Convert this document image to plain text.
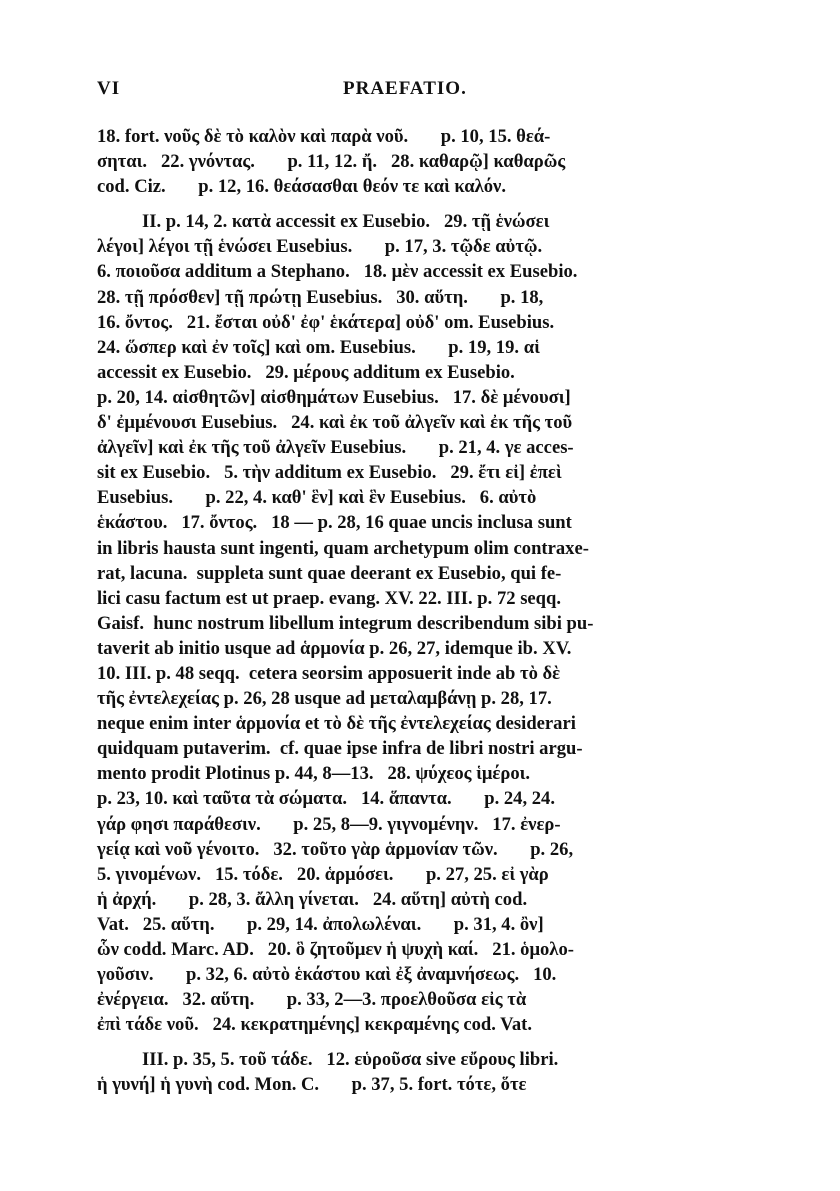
VI	PRAEFATIO.
18. fort. νοῦς δὲ τὸ καλὸν καὶ παρὰ νοῦ.       p. 10, 15. θεά-
σηται.   22. γνόντας.       p. 11, 12. ἤ.   28. καθαρῷ] καθαρῶς
cod. Ciz.       p. 12, 16. θεάσασθαι θεόν τε καὶ καλόν.
II. p. 14, 2. κατὰ accessit ex Eusebio.   29. τῇ ἑνώσει
λέγοι] λέγοι τῇ ἑνώσει Eusebius.       p. 17, 3. τῷδε αὐτῷ.
6. ποιοῦσα additum a Stephano.   18. μὲν accessit ex Eusebio.
28. τῇ πρόσθεν] τῇ πρώτῃ Eusebius.   30. αὕτη.       p. 18,
16. ὄντος.   21. ἔσται οὐδ' ἐφ' ἑκάτερα] οὐδ' om. Eusebius.
24. ὥσπερ καὶ ἐν τοῖς] καὶ om. Eusebius.       p. 19, 19. αἱ
accessit ex Eusebio.   29. μέρους additum ex Eusebio.
p. 20, 14. αἰσθητῶν] αἰσθημάτων Eusebius.   17. δὲ μένουσι]
δ' ἐμμένουσι Eusebius.   24. καὶ ἐκ τοῦ ἀλγεῖν καὶ ἐκ τῆς τοῦ
ἀλγεῖν] καὶ ἐκ τῆς τοῦ ἀλγεῖν Eusebius.       p. 21, 4. γε acces-
sit ex Eusebio.   5. τὴν additum ex Eusebio.   29. ἔτι εἰ] ἐπεὶ
Eusebius.       p. 22, 4. καθ' ἓν] καὶ ἓν Eusebius.   6. αὐτὸ
ἑκάστου.   17. ὄντος.   18 — p. 28, 16 quae uncis inclusa sunt
in libris hausta sunt ingenti, quam archetypum olim contraxe-
rat, lacuna.  suppleta sunt quae deerant ex Eusebio, qui fe-
lici casu factum est ut praep. evang. XV. 22. III. p. 72 seqq.
Gaisf.  hunc nostrum libellum integrum describendum sibi pu-
taverit ab initio usque ad ἁρμονία p. 26, 27, idemque ib. XV.
10. III. p. 48 seqq.  cetera seorsim apposuerit inde ab τὸ δὲ
τῆς ἐντελεχείας p. 26, 28 usque ad μεταλαμβάνῃ p. 28, 17.
neque enim inter ἁρμονία et τὸ δὲ τῆς ἐντελεχείας desiderari
quidquam putaverim.  cf. quae ipse infra de libri nostri argu-
mento prodit Plotinus p. 44, 8—13.   28. ψύχεος ἱμέροι.
p. 23, 10. καὶ ταῦτα τὰ σώματα.   14. ἅπαντα.       p. 24, 24.
γάρ φησι παράθεσιν.       p. 25, 8—9. γιγνομένην.   17. ἐνερ-
γείᾳ καὶ νοῦ γένοιτο.   32. τοῦτο γὰρ ἁρμονίαν τῶν.       p. 26,
5. γινομένων.   15. τόδε.   20. ἁρμόσει.       p. 27, 25. εἰ γὰρ
ἡ ἀρχή.       p. 28, 3. ἄλλη γίνεται.   24. αὕτη] αὐτὴ cod.
Vat.   25. αὕτη.       p. 29, 14. ἀπολωλέναι.       p. 31, 4. ὂν]
ὧν codd. Marc. AD.   20. ὃ ζητοῦμεν ἡ ψυχὴ καί.   21. ὁμολο-
γοῦσιν.       p. 32, 6. αὐτὸ ἑκάστου καὶ ἐξ ἀναμνήσεως.   10.
ἐνέργεια.   32. αὕτη.       p. 33, 2—3. προελθοῦσα εἰς τὰ
ἐπὶ τάδε νοῦ.   24. κεκρατημένης] κεκραμένης cod. Vat.
III. p. 35, 5. τοῦ τάδε.   12. εὑροῦσα sive εὔρους libri.
ἡ γυνή] ἡ γυνὴ cod. Mon. C.       p. 37, 5. fort. τότε, ὅτε
